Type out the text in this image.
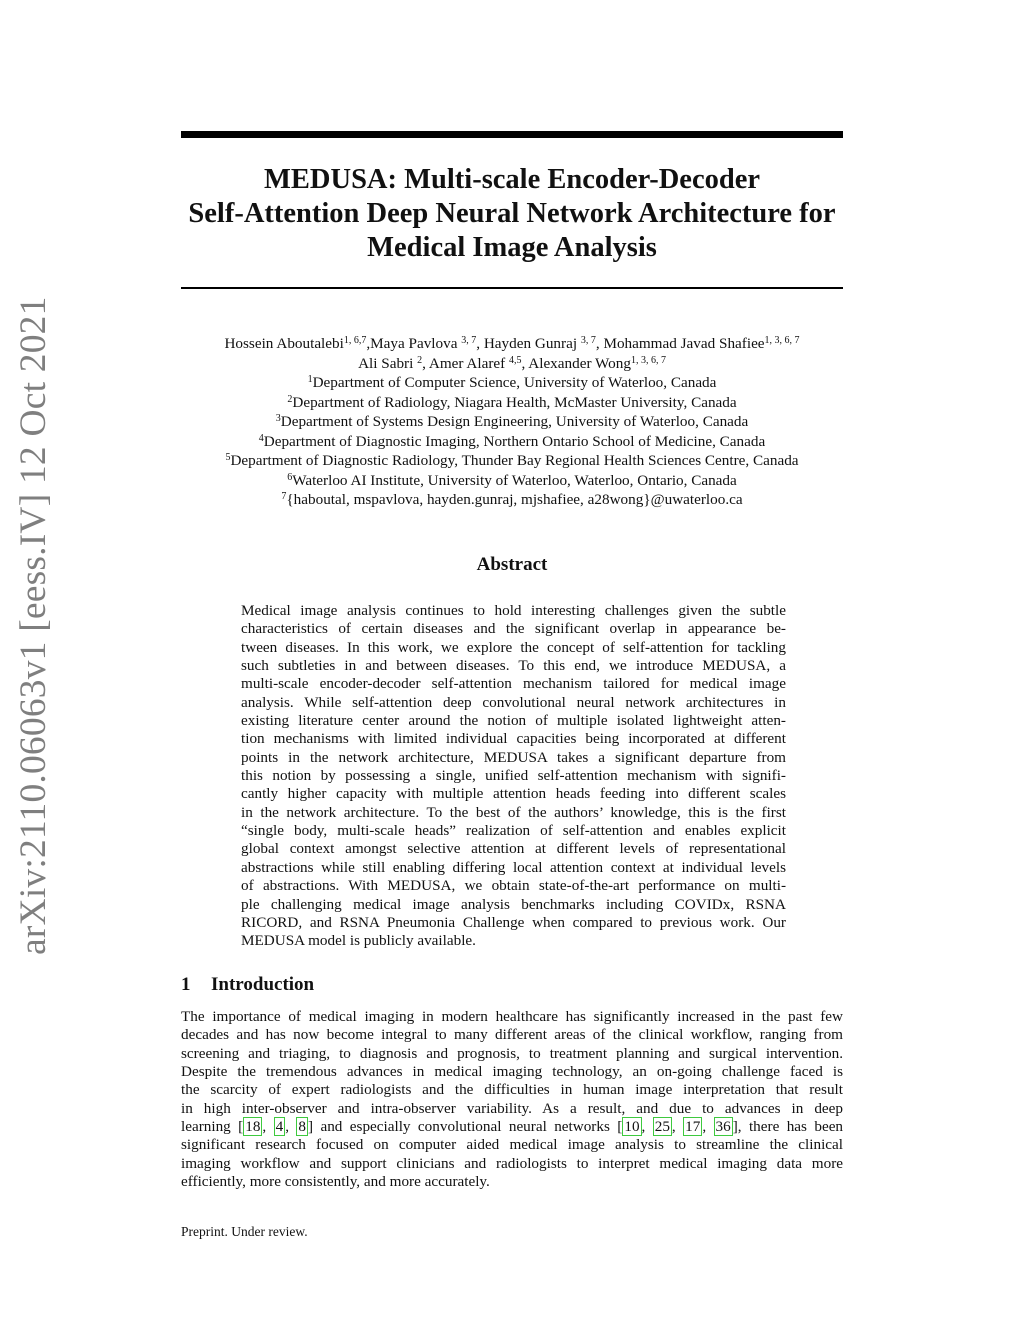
arXiv:2110.06063v1 [eess.IV] 12 Oct 2021
MEDUSA: Multi-scale Encoder-Decoder
Self-Attention Deep Neural Network Architecture for
Medical Image Analysis
Hossein Aboutalebi$^{1, 6,7}$,Maya Pavlova $^{3, 7}$, Hayden Gunraj $^{3, 7}$, Mohammad Javad Shafiee$^{1, 3, 6, 7}$
Ali Sabri $^2$, Amer Alaref $^{4,5}$, Alexander Wong$^{1, 3, 6, 7}$
$^1$Department of Computer Science, University of Waterloo, Canada
$^2$Department of Radiology, Niagara Health, McMaster University, Canada
$^3$Department of Systems Design Engineering, University of Waterloo, Canada
$^4$Department of Diagnostic Imaging, Northern Ontario School of Medicine, Canada
$^5$Department of Diagnostic Radiology, Thunder Bay Regional Health Sciences Centre, Canada
$^6$Waterloo AI Institute, University of Waterloo, Waterloo, Ontario, Canada
$^7${haboutal, mspavlova, hayden.gunraj, mjshafiee, a28wong}@uwaterloo.ca
Abstract

Medical image analysis continues to hold interesting challenges given the subtle
characteristics of certain diseases and the significant overlap in appearance be-
tween diseases. In this work, we explore the concept of self-attention for tackling
such subtleties in and between diseases. To this end, we introduce MEDUSA, a
multi-scale encoder-decoder self-attention mechanism tailored for medical image
analysis. While self-attention deep convolutional neural network architectures in
existing literature center around the notion of multiple isolated lightweight atten-
tion mechanisms with limited individual capacities being incorporated at different
points in the network architecture, MEDUSA takes a significant departure from
this notion by possessing a single, unified self-attention mechanism with signifi-
cantly higher capacity with multiple attention heads feeding into different scales
in the network architecture. To the best of the authors’ knowledge, this is the first
“single body, multi-scale heads” realization of self-attention and enables explicit
global context amongst selective attention at different levels of representational
abstractions while still enabling differing local attention context at individual levels
of abstractions. With MEDUSA, we obtain state-of-the-art performance on multi-
ple challenging medical image analysis benchmarks including COVIDx, RSNA
RICORD, and RSNA Pneumonia Challenge when compared to previous work. Our
MEDUSA model is publicly available.

1 Introduction

The importance of medical imaging in modern healthcare has significantly increased in the past few
decades and has now become integral to many different areas of the clinical workflow, ranging from
screening and triaging, to diagnosis and prognosis, to treatment planning and surgical intervention.
Despite the tremendous advances in medical imaging technology, an on-going challenge faced is
the scarcity of expert radiologists and the difficulties in human image interpretation that result
in high inter-observer and intra-observer variability. As a result, and due to advances in deep
learning [ 18 , 4 , 8 ] and especially convolutional neural networks [ 10 , 25 , 17 , 36 ], there has been
significant research focused on computer aided medical image analysis to streamline the clinical
imaging workflow and support clinicians and radiologists to interpret medical imaging data more
efficiently, more consistently, and more accurately.

Preprint. Under review.
